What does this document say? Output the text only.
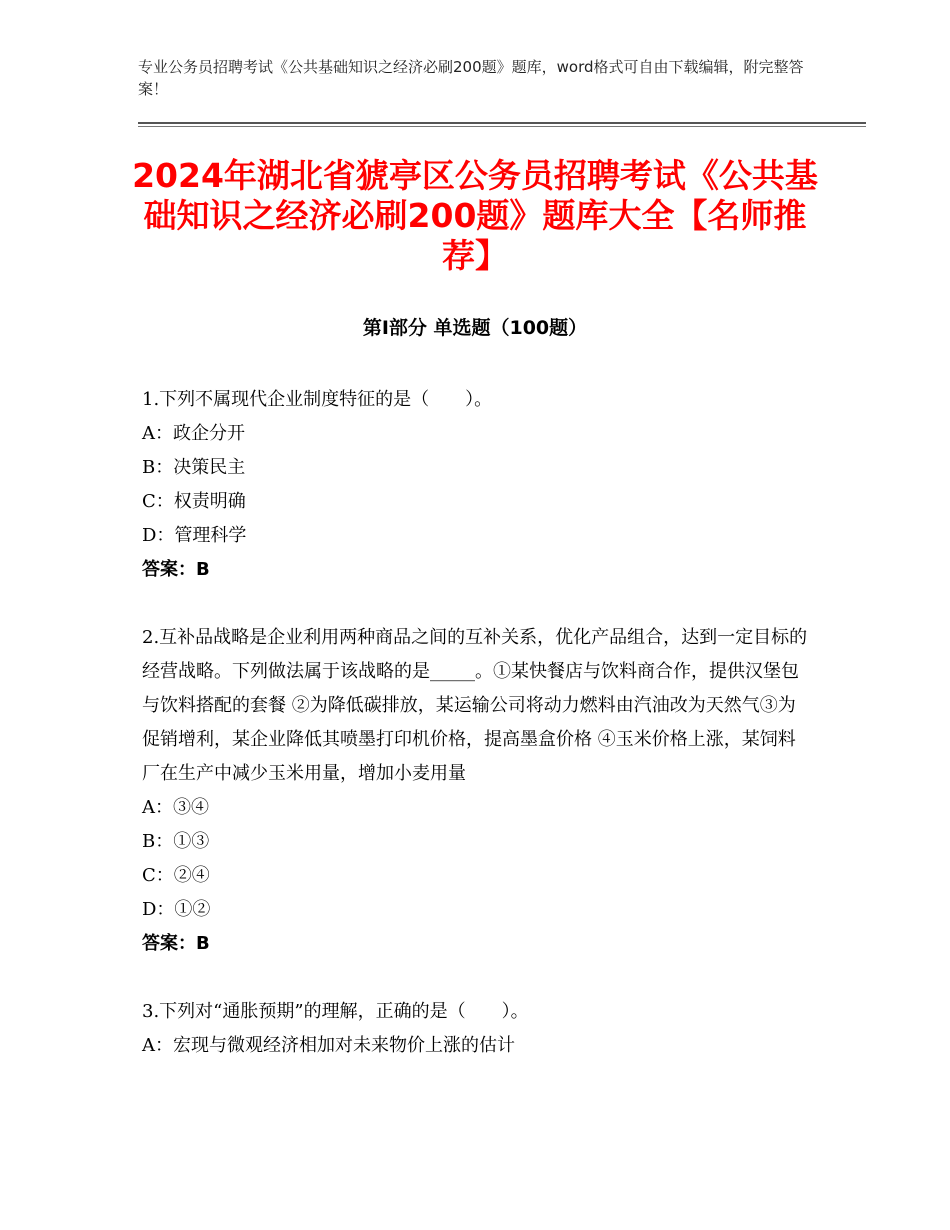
专业公务员招聘考试《公共基础知识之经济必刷200题》题库，word格式可自由下载编辑，附完整答案！
2024年湖北省猇亭区公务员招聘考试《公共基础知识之经济必刷200题》题库大全【名师推荐】
第Ⅰ部分 单选题（100题）

1.下列不属现代企业制度特征的是（　　）。

A：政企分开

B：决策民主

C：权责明确

D：管理科学

答案：B

2.互补品战略是企业利用两种商品之间的互补关系，优化产品组合，达到一定目标的经营战略。下列做法属于该战略的是_____。①某快餐店与饮料商合作，提供汉堡包与饮料搭配的套餐 ②为降低碳排放，某运输公司将动力燃料由汽油改为天然气③为促销增利，某企业降低其喷墨打印机价格，提高墨盒价格 ④玉米价格上涨，某饲料厂在生产中减少玉米用量，增加小麦用量

A：③④

B：①③

C：②④

D：①②

答案：B

3.下列对“通胀预期”的理解，正确的是（　　）。

A：宏现与微观经济相加对未来物价上涨的估计
